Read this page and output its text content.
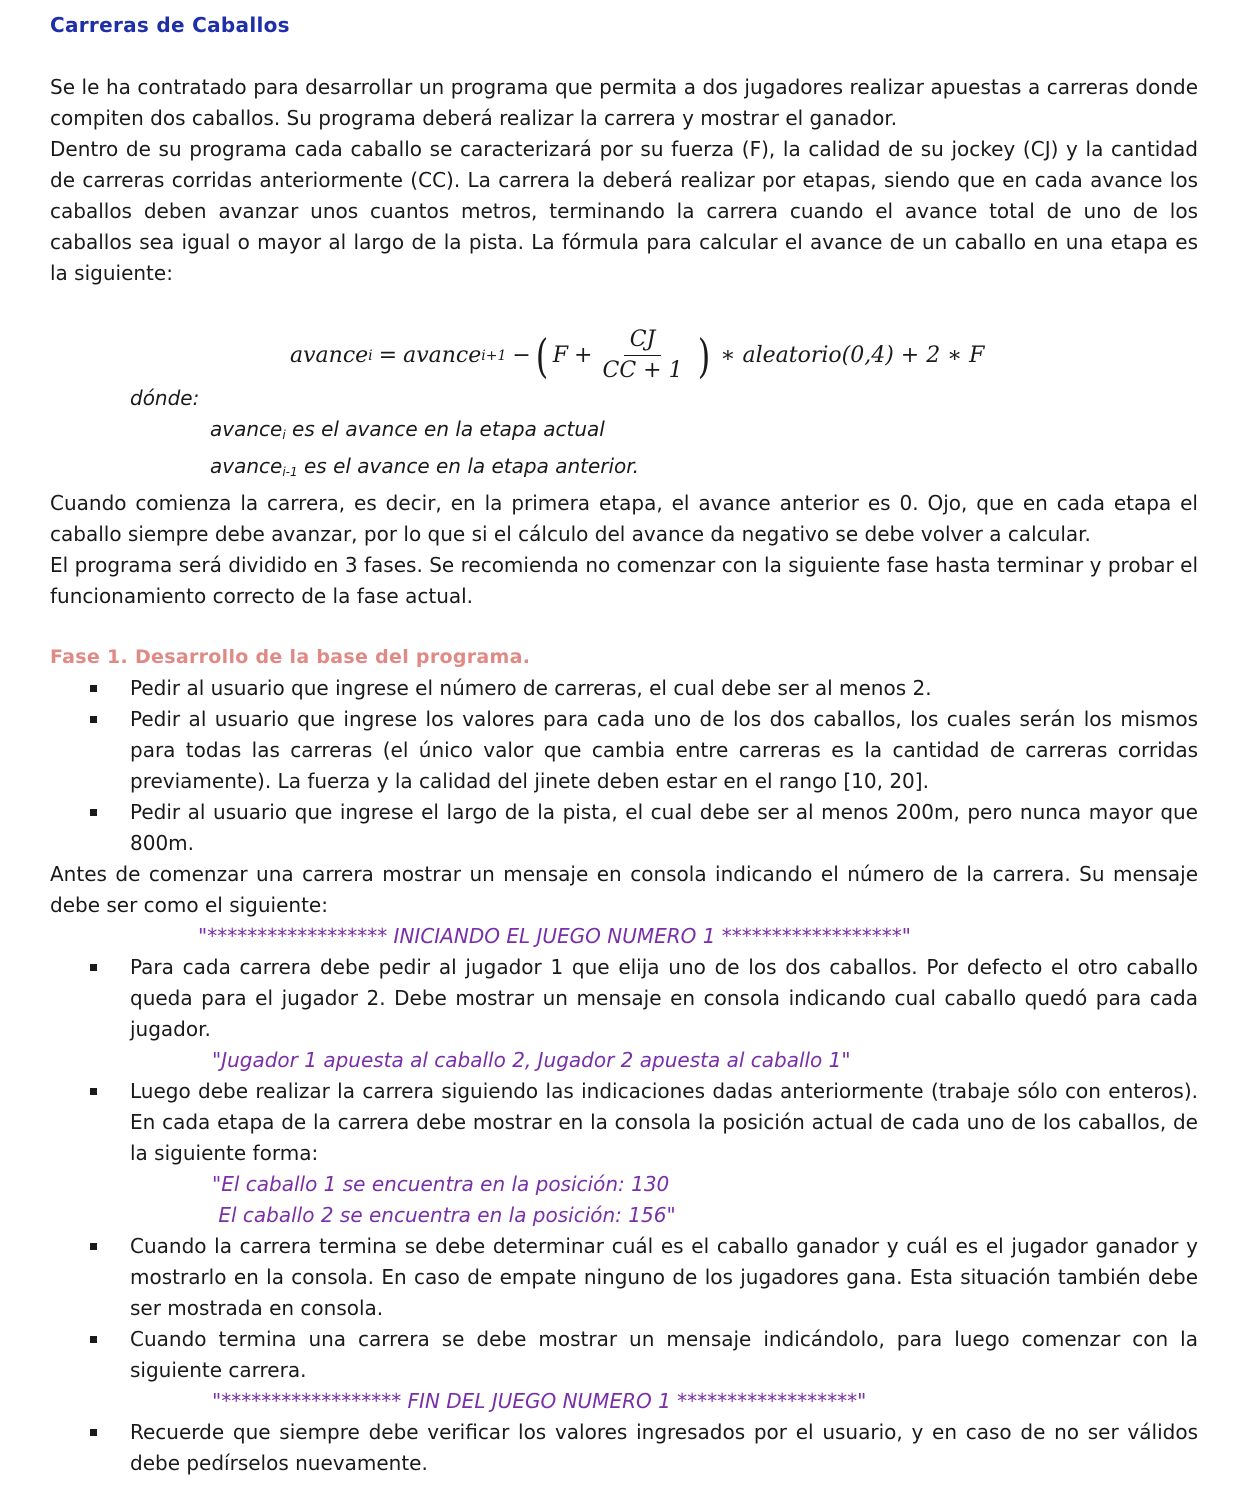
Carreras de Caballos

Se le ha contratado para desarrollar un programa que permita a dos jugadores realizar apuestas a carreras donde compiten dos caballos. Su programa deberá realizar la carrera y mostrar el ganador.

Dentro de su programa cada caballo se caracterizará por su fuerza (F), la calidad de su jockey (CJ) y la cantidad de carreras corridas anteriormente (CC). La carrera la deberá realizar por etapas, siendo que en cada avance los caballos deben avanzar unos cuantos metros, terminando la carrera cuando el avance total de uno de los caballos sea igual o mayor al largo de la pista. La fórmula para calcular el avance de un caballo en una etapa es la siguiente:

avance i = avance i+1 − ( $F + \frac{CJ}{CC + 1}$ ) ∗ aleatorio(0,4) + 2 ∗ F
dónde:
avancei es el avance en la etapa actual
avancei-1 es el avance en la etapa anterior.

Cuando comienza la carrera, es decir, en la primera etapa, el avance anterior es 0. Ojo, que en cada etapa el caballo siempre debe avanzar, por lo que si el cálculo del avance da negativo se debe volver a calcular.

El programa será dividido en 3 fases. Se recomienda no comenzar con la siguiente fase hasta terminar y probar el funcionamiento correcto de la fase actual.

Fase 1. Desarrollo de la base del programa.
Pedir al usuario que ingrese el número de carreras, el cual debe ser al menos 2.
Pedir al usuario que ingrese los valores para cada uno de los dos caballos, los cuales serán los mismos para todas las carreras (el único valor que cambia entre carreras es la cantidad de carreras corridas previamente). La fuerza y la calidad del jinete deben estar en el rango [10, 20].
Pedir al usuario que ingrese el largo de la pista, el cual debe ser al menos 200m, pero nunca mayor que 800m.

Antes de comenzar una carrera mostrar un mensaje en consola indicando el número de la carrera. Su mensaje debe ser como el siguiente:

"****************** INICIANDO EL JUEGO NUMERO 1 ******************"
Para cada carrera debe pedir al jugador 1 que elija uno de los dos caballos. Por defecto el otro caballo queda para el jugador 2. Debe mostrar un mensaje en consola indicando cual caballo quedó para cada jugador.
"Jugador 1 apuesta al caballo 2, Jugador 2 apuesta al caballo 1"
Luego debe realizar la carrera siguiendo las indicaciones dadas anteriormente (trabaje sólo con enteros). En cada etapa de la carrera debe mostrar en la consola la posición actual de cada uno de los caballos, de la siguiente forma:
"El caballo 1 se encuentra en la posición: 130
El caballo 2 se encuentra en la posición: 156"
Cuando la carrera termina se debe determinar cuál es el caballo ganador y cuál es el jugador ganador y mostrarlo en la consola. En caso de empate ninguno de los jugadores gana. Esta situación también debe ser mostrada en consola.
Cuando termina una carrera se debe mostrar un mensaje indicándolo, para luego comenzar con la siguiente carrera.
"****************** FIN DEL JUEGO NUMERO 1 ******************"
Recuerde que siempre debe verificar los valores ingresados por el usuario, y en caso de no ser válidos debe pedírselos nuevamente.
